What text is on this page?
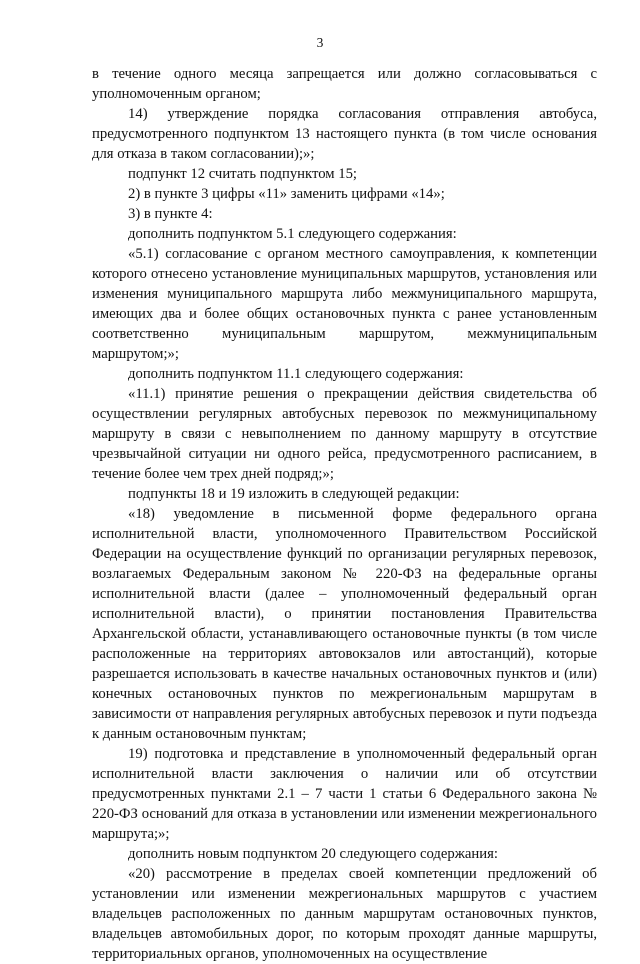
3

в течение одного месяца запрещается или должно согласовываться с уполномоченным органом;

14) утверждение порядка согласования отправления автобуса, предусмотренного подпунктом 13 настоящего пункта (в том числе основания для отказа в таком согласовании);»;

подпункт 12 считать подпунктом 15;

2) в пункте 3 цифры «11» заменить цифрами «14»;

3) в пункте 4:

дополнить подпунктом 5.1 следующего содержания:

«5.1) согласование с органом местного самоуправления, к компетенции которого отнесено установление муниципальных маршрутов, установления или изменения муниципального маршрута либо межмуниципального маршрута, имеющих два и более общих остановочных пункта с ранее установленным соответственно муниципальным маршрутом, межмуниципальным маршрутом;»;

дополнить подпунктом 11.1 следующего содержания:

«11.1) принятие решения о прекращении действия свидетельства об осуществлении регулярных автобусных перевозок по межмуниципальному маршруту в связи с невыполнением по данному маршруту в отсутствие чрезвычайной ситуации ни одного рейса, предусмотренного расписанием, в течение более чем трех дней подряд;»;

подпункты 18 и 19 изложить в следующей редакции:

«18) уведомление в письменной форме федерального органа исполнительной власти, уполномоченного Правительством Российской Федерации на осуществление функций по организации регулярных перевозок, возлагаемых Федеральным законом № 220-ФЗ на федеральные органы исполнительной власти (далее – уполномоченный федеральный орган исполнительной власти), о принятии постановления Правительства Архангельской области, устанавливающего остановочные пункты (в том числе расположенные на территориях автовокзалов или автостанций), которые разрешается использовать в качестве начальных остановочных пунктов и (или) конечных остановочных пунктов по межрегиональным маршрутам в зависимости от направления регулярных автобусных перевозок и пути подъезда к данным остановочным пунктам;

19) подготовка и представление в уполномоченный федеральный орган исполнительной власти заключения о наличии или об отсутствии предусмотренных пунктами 2.1 – 7 части 1 статьи 6 Федерального закона № 220-ФЗ оснований для отказа в установлении или изменении межрегионального маршрута;»;

дополнить новым подпунктом 20 следующего содержания:

«20) рассмотрение в пределах своей компетенции предложений об установлении или изменении межрегиональных маршрутов с участием владельцев расположенных по данным маршрутам остановочных пунктов, владельцев автомобильных дорог, по которым проходят данные маршруты, территориальных органов, уполномоченных на осуществление
